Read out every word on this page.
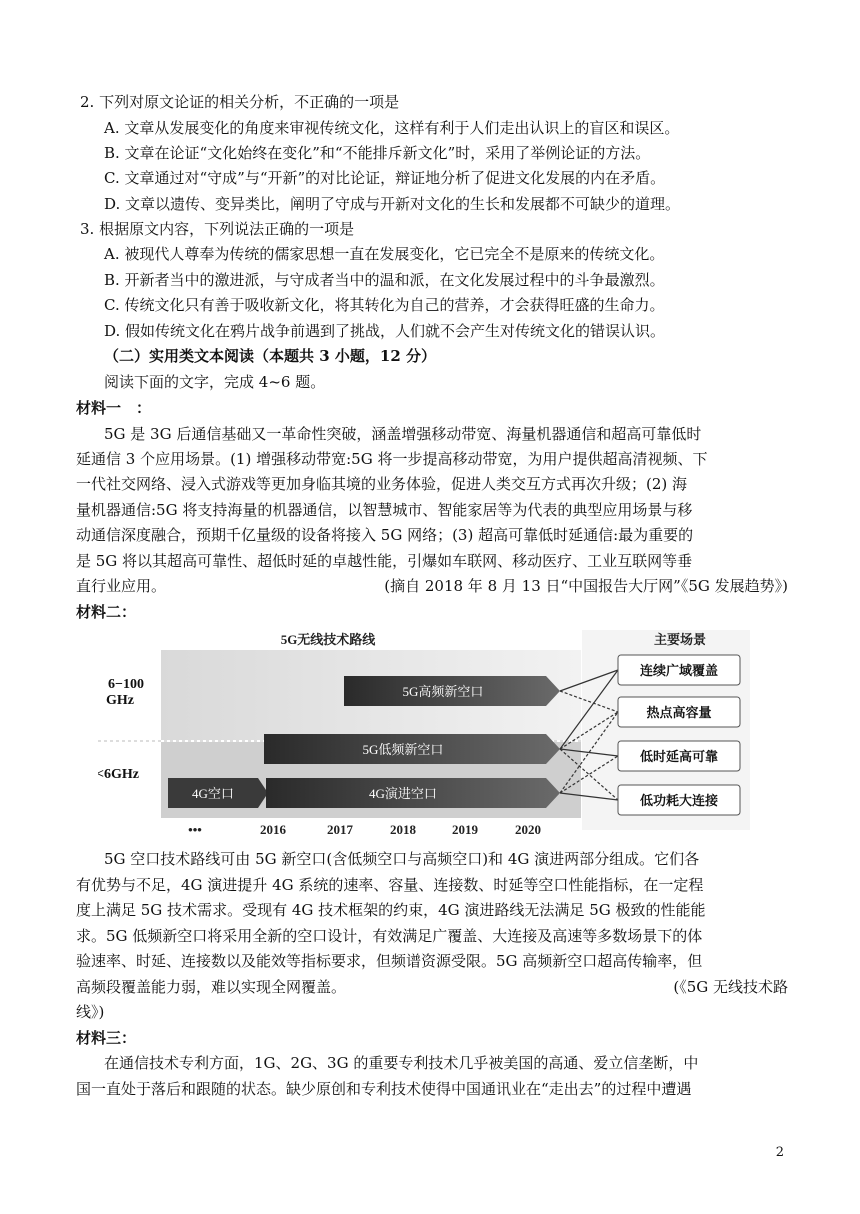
2. 下列对原文论证的相关分析，不正确的一项是
A. 文章从发展变化的角度来审视传统文化，这样有利于人们走出认识上的盲区和误区。
B. 文章在论证“文化始终在变化”和“不能排斥新文化”时，采用了举例论证的方法。
C. 文章通过对“守成”与“开新”的对比论证，辩证地分析了促进文化发展的内在矛盾。
D. 文章以遗传、变异类比，阐明了守成与开新对文化的生长和发展都不可缺少的道理。
3. 根据原文内容，下列说法正确的一项是
A. 被现代人尊奉为传统的儒家思想一直在发展变化，它已完全不是原来的传统文化。
B. 开新者当中的激进派，与守成者当中的温和派，在文化发展过程中的斗争最激烈。
C. 传统文化只有善于吸收新文化，将其转化为自己的营养，才会获得旺盛的生命力。
D. 假如传统文化在鸦片战争前遇到了挑战，人们就不会产生对传统文化的错误认识。
（二）实用类文本阅读（本题共 3 小题，12 分）
阅读下面的文字，完成 4~6 题。
材料一　：
5G 是 3G 后通信基础又一革命性突破，涵盖增强移动带宽、海量机器通信和超高可靠低时
延通信 3 个应用场景。(1) 增强移动带宽:5G 将一步提高移动带宽，为用户提供超高清视频、下
一代社交网络、浸入式游戏等更加身临其境的业务体验，促进人类交互方式再次升级；(2) 海
量机器通信:5G 将支持海量的机器通信，以智慧城市、智能家居等为代表的典型应用场景与移
动通信深度融合，预期千亿量级的设备将接入 5G 网络；(3) 超高可靠低时延通信:最为重要的
是 5G 将以其超高可靠性、超低时延的卓越性能，引爆如车联网、移动医疗、工业互联网等垂
直行业应用。	(摘自 2018 年 8 月 13 日“中国报告大厅网”《5G 发展趋势》)
材料二：
5G无线技术路线	主要场景
6−100
GHz
<6GHz
5G高频新空口
5G低频新空口
4G空口	4G演进空口
连续广域覆盖
热点高容量
低时延高可靠
低功耗大连接
•••	2016	2017	2018	2019	2020
5G 空口技术路线可由 5G 新空口(含低频空口与高频空口)和 4G 演进两部分组成。它们各
有优势与不足，4G 演进提升 4G 系统的速率、容量、连接数、时延等空口性能指标，在一定程
度上满足 5G 技术需求。受现有 4G 技术框架的约束，4G 演进路线无法满足 5G 极致的性能能
求。5G 低频新空口将采用全新的空口设计，有效满足广覆盖、大连接及高速等多数场景下的体
验速率、时延、连接数以及能效等指标要求，但频谱资源受限。5G 高频新空口超高传输率，但
高频段覆盖能力弱，难以实现全网覆盖。	(《5G 无线技术路
线》)
材料三：
在通信技术专利方面，1G、2G、3G 的重要专利技术几乎被美国的高通、爱立信垄断，中
国一直处于落后和跟随的状态。缺少原创和专利技术使得中国通讯业在“走出去”的过程中遭遇
2
